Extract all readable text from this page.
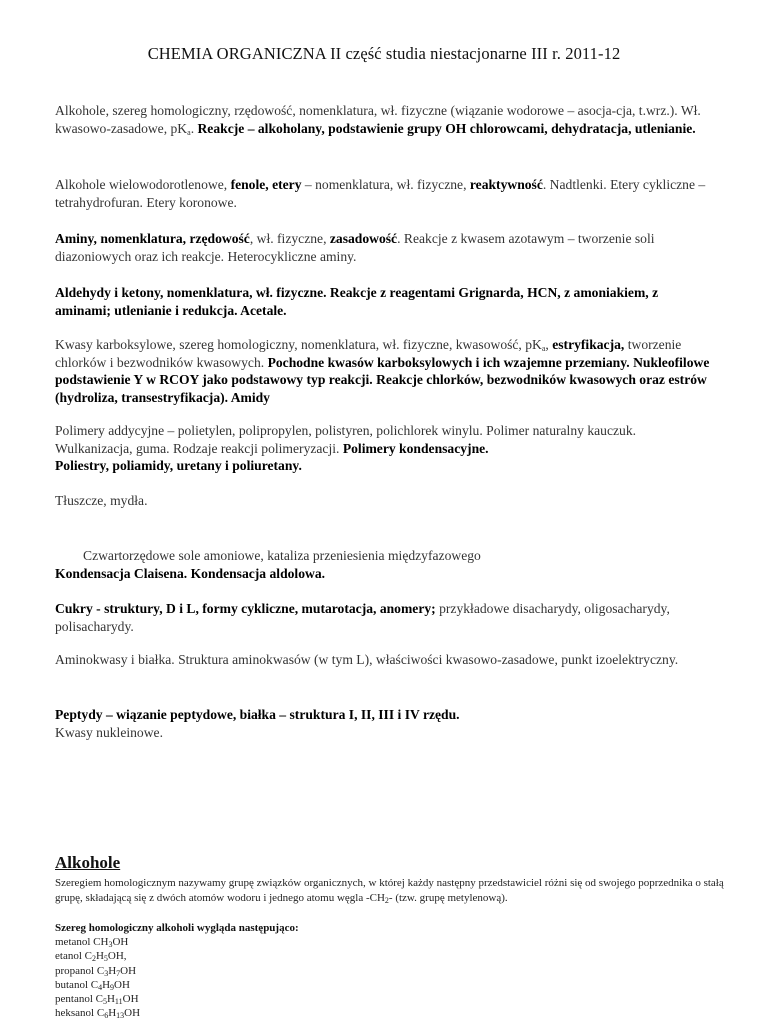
CHEMIA ORGANICZNA II część studia niestacjonarne III r. 2011-12
Alkohole, szereg homologiczny, rzędowość, nomenklatura, wł. fizyczne (wiązanie wodorowe – asocja-cja, t.wrz.). Wł. kwasowo-zasadowe, $pK_a$. Reakcje – alkoholany, podstawienie grupy OH chlorowcami, dehydratacja, utlenianie.
Alkohole wielowodorotlenowe, fenole, etery – nomenklatura, wł. fizyczne, reaktywność. Nadtlenki. Etery cykliczne – tetrahydrofuran. Etery koronowe.
Aminy, nomenklatura, rzędowość, wł. fizyczne, zasadowość. Reakcje z kwasem azotawym – tworzenie soli diazoniowych oraz ich reakcje. Heterocykliczne aminy.
Aldehydy i ketony, nomenklatura, wł. fizyczne. Reakcje z reagentami Grignarda, HCN, z amoniakiem, z aminami; utlenianie i redukcja. Acetale.
Kwasy karboksylowe, szereg homologiczny, nomenklatura, wł. fizyczne, kwasowość, $pK_a$, estryfikacja, tworzenie chlorków i bezwodników kwasowych. Pochodne kwasów karboksylowych i ich wzajemne przemiany. Nukleofilowe podstawienie Y w RCOY jako podstawowy typ reakcji. Reakcje chlorków, bezwodników kwasowych oraz estrów (hydroliza, transestryfikacja). Amidy
Polimery addycyjne – polietylen, polipropylen, polistyren, polichlorek winylu. Polimer naturalny kauczuk. Wulkanizacja, guma. Rodzaje reakcji polimeryzacji. Polimery kondensacyjne.
Poliestry, poliamidy, uretany i poliuretany.
Tłuszcze, mydła.
Czwartorzędowe sole amoniowe, kataliza przeniesienia międzyfazowego
Kondensacja Claisena. Kondensacja aldolowa.
Cukry - struktury, D i L, formy cykliczne, mutarotacja, anomery; przykładowe disacharydy, oligosacharydy, polisacharydy.
Aminokwasy i białka. Struktura aminokwasów (w tym L), właściwości kwasowo-zasadowe, punkt izoelektryczny.
Peptydy – wiązanie peptydowe, białka – struktura I, II, III i IV rzędu.
Kwasy nukleinowe.
Alkohole
Szeregiem homologicznym nazywamy grupę związków organicznych, w której każdy następny przedstawiciel różni się od swojego poprzednika o stałą grupę, składającą się z dwóch atomów wodoru i jednego atomu węgla $-CH_2-$ (tzw. grupę metylenową).
Szereg homologiczny alkoholi wygląda następująco:
metanol $CH_3OH$
etanol $C_2H_5OH$,
propanol $C_3H_7OH$
butanol $C_4H_9OH$
pentanol $C_5H_{11}OH$
heksanol $C_6H_{13}OH$
